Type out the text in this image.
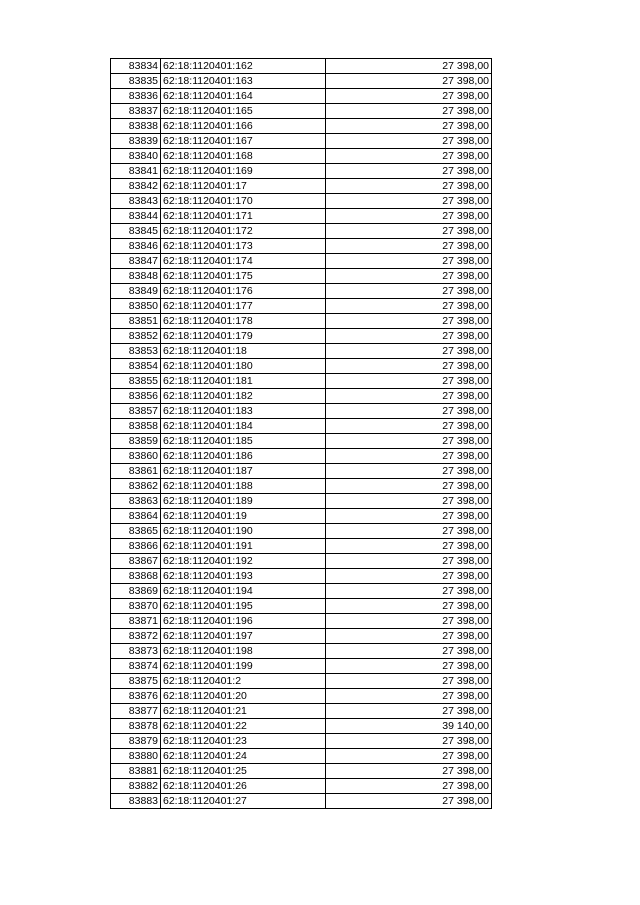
83834	62:18:1120401:162	27 398,00
83835	62:18:1120401:163	27 398,00
83836	62:18:1120401:164	27 398,00
83837	62:18:1120401:165	27 398,00
83838	62:18:1120401:166	27 398,00
83839	62:18:1120401:167	27 398,00
83840	62:18:1120401:168	27 398,00
83841	62:18:1120401:169	27 398,00
83842	62:18:1120401:17	27 398,00
83843	62:18:1120401:170	27 398,00
83844	62:18:1120401:171	27 398,00
83845	62:18:1120401:172	27 398,00
83846	62:18:1120401:173	27 398,00
83847	62:18:1120401:174	27 398,00
83848	62:18:1120401:175	27 398,00
83849	62:18:1120401:176	27 398,00
83850	62:18:1120401:177	27 398,00
83851	62:18:1120401:178	27 398,00
83852	62:18:1120401:179	27 398,00
83853	62:18:1120401:18	27 398,00
83854	62:18:1120401:180	27 398,00
83855	62:18:1120401:181	27 398,00
83856	62:18:1120401:182	27 398,00
83857	62:18:1120401:183	27 398,00
83858	62:18:1120401:184	27 398,00
83859	62:18:1120401:185	27 398,00
83860	62:18:1120401:186	27 398,00
83861	62:18:1120401:187	27 398,00
83862	62:18:1120401:188	27 398,00
83863	62:18:1120401:189	27 398,00
83864	62:18:1120401:19	27 398,00
83865	62:18:1120401:190	27 398,00
83866	62:18:1120401:191	27 398,00
83867	62:18:1120401:192	27 398,00
83868	62:18:1120401:193	27 398,00
83869	62:18:1120401:194	27 398,00
83870	62:18:1120401:195	27 398,00
83871	62:18:1120401:196	27 398,00
83872	62:18:1120401:197	27 398,00
83873	62:18:1120401:198	27 398,00
83874	62:18:1120401:199	27 398,00
83875	62:18:1120401:2	27 398,00
83876	62:18:1120401:20	27 398,00
83877	62:18:1120401:21	27 398,00
83878	62:18:1120401:22	39 140,00
83879	62:18:1120401:23	27 398,00
83880	62:18:1120401:24	27 398,00
83881	62:18:1120401:25	27 398,00
83882	62:18:1120401:26	27 398,00
83883	62:18:1120401:27	27 398,00
